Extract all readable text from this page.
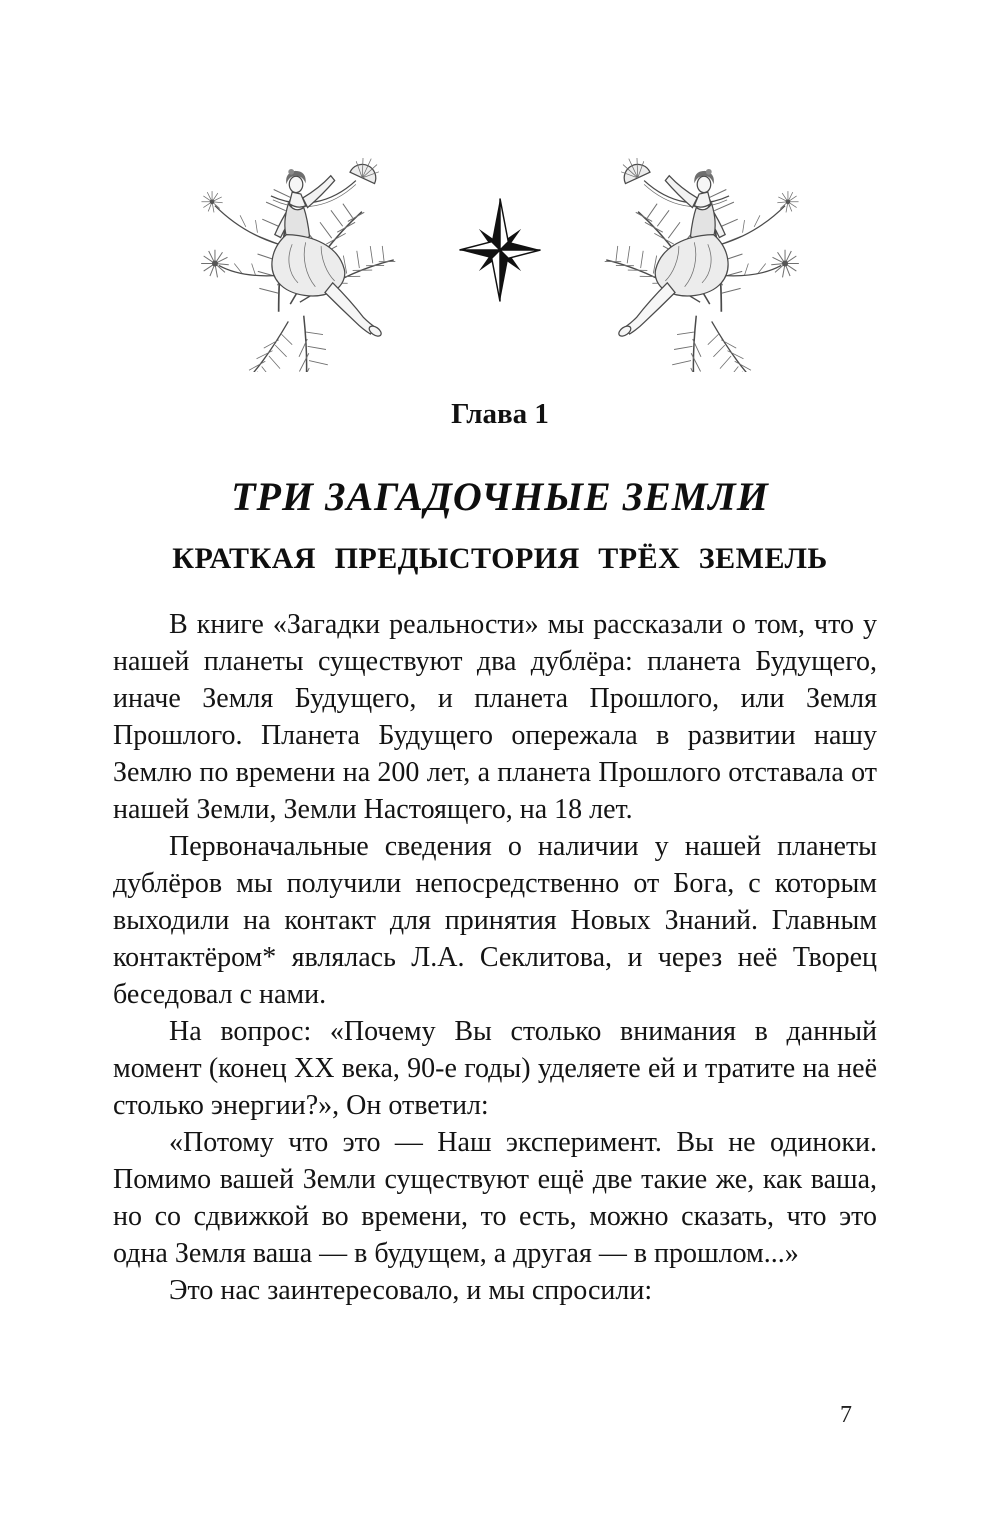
Глава 1
ТРИ ЗАГАДОЧНЫЕ ЗЕМЛИ
КРАТКАЯ ПРЕДЫСТОРИЯ ТРЁХ ЗЕМЕЛЬ

В книге «Загадки реальности» мы рассказали о том, что у нашей планеты существуют два дублёра: планета Будущего, иначе Земля Будущего, и планета Прошлого, или Земля Прошлого. Планета Будущего опережала в развитии нашу Землю по времени на 200 лет, а планета Прошлого отставала от нашей Земли, Земли Настоящего, на 18 лет.

Первоначальные сведения о наличии у нашей планеты дублёров мы получили непосредственно от Бога, с которым выходили на контакт для принятия Новых Знаний. Главным контактёром* являлась Л.А. Секлитова, и через неё Творец беседовал с нами.

На вопрос: «Почему Вы столько внимания в данный момент (конец XX века, 90-е годы) уделяете ей и тратите на неё столько энергии?», Он ответил:

«Потому что это — Наш эксперимент. Вы не одиноки. Помимо вашей Земли существуют ещё две такие же, как ваша, но со сдвижкой во времени, то есть, можно сказать, что это одна Земля ваша — в будущем, а другая — в прошлом...»

Это нас заинтересовало, и мы спросили:

7
